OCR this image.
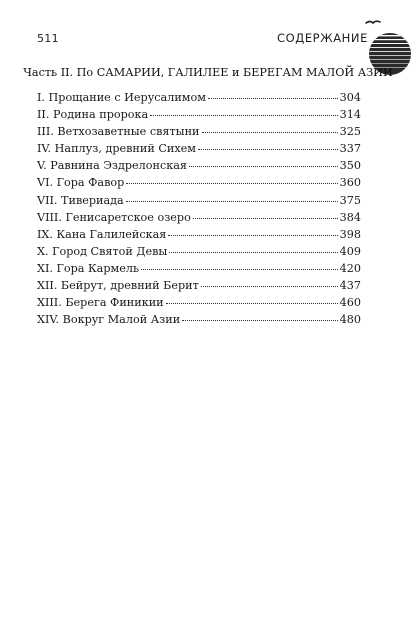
511	СОДЕРЖАНИЕ
Часть II. По САМАРИИ, ГАЛИЛЕЕ и БЕРЕГАМ МАЛОЙ АЗИИ
I. Прощание с Иерусалимом	304
II. Родина пророка	314
III. Ветхозаветные святыни	325
IV. Наплуз, древний Сихем	337
V. Равнина Эздрелонская	350
VI. Гора Фавор	360
VII. Тивериада	375
VIII. Генисаретское озеро	384
IX. Кана Галилейская	398
X. Город Святой Девы	409
XI. Гора Кармель	420
XII. Бейрут, древний Берит	437
XIII. Берега Финикии	460
XIV. Вокруг Малой Азии	480
